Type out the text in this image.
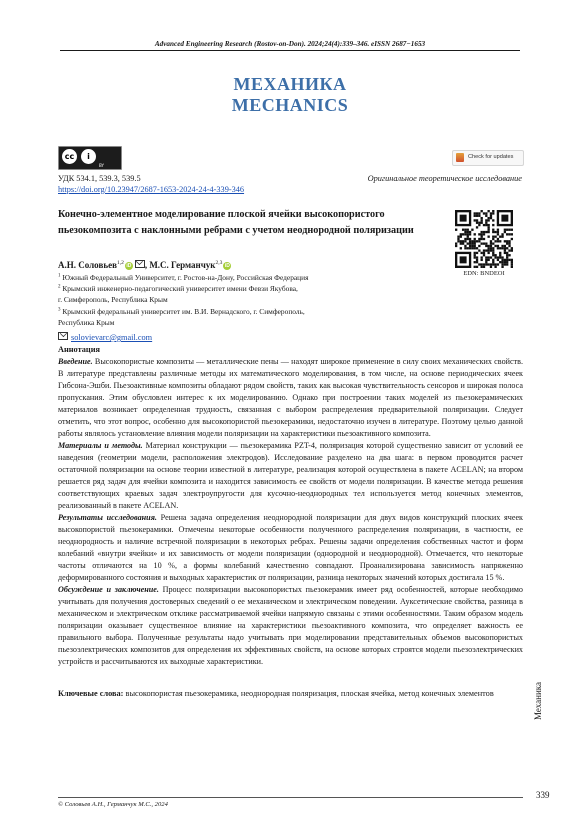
Advanced Engineering Research (Rostov-on-Don). 2024;24(4):339–346. eISSN 2687−1653
МЕХАНИКА
MECHANICS
cc	i
BY
Check for updates
УДК 534.1, 539.3, 539.5	Оригинальное теоретическое исследование
https://doi.org/10.23947/2687-1653-2024-24-4-339-346
Конечно-элементное моделирование плоской ячейки высокопористого пьезокомпозита с наклонными ребрами с учетом неоднородной поляризации
EDN: BNDEOI
А.Н. Соловьев$^{1,2}$ iD , М.С. Германчук$^{2,3}$ iD
$^1$ Южный Федеральный Университет, г. Ростов-на-Дону, Российская Федерация
$^2$ Крымский инженерно-педагогический университет имени Февзи Якубова,
г. Симферополь, Республика Крым
$^3$ Крымский федеральный университет им. В.И. Вернадского, г. Симферополь,
Республика Крым
solovievarc@gmail.com
Аннотация

Введение. Высокопористые композиты — металлические пены — находят широкое применение в силу своих механических свойств. В литературе представлены различные методы их математического моделирования, в том числе, на основе периодических ячеек Гибсона-Эшби. Пьезоактивные композиты обладают рядом свойств, таких как высокая чувствительность сенсоров и широкая полоса пропускания. Этим обусловлен интерес к их моделированию. Однако при построении таких моделей из пьезокерамических материалов возникает определенная трудность, связанная с выбором распределения предварительной поляризации. Следует отметить, что этот вопрос, особенно для высокопористой пьезокерамики, недостаточно изучен в литературе. Поэтому целью данной работы являлось установление влияния модели поляризации на характеристики пьезоактивного композита.

Материалы и методы. Материал конструкции — пьезокерамика PZT-4, поляризация которой существенно зависит от условий ее наведения (геометрии модели, расположения электродов). Исследование разделено на два шага: в первом проводится расчет остаточной поляризации на основе теории известной в литературе, реализация которой осуществлена в пакете ACELAN; на втором решается ряд задач для ячейки композита и находится зависимость ее свойств от модели поляризации. В качестве метода решения соответствующих краевых задач электроупругости для кусочно-неоднородных тел используется метод конечных элементов, реализованный в пакете ACELAN.

Результаты исследования. Решена задача определения неоднородной поляризации для двух видов конструкций плоских ячеек высокопористой пьезокерамики. Отмечены некоторые особенности полученного распределения поляризации, в частности, ее неоднородность и наличие встречной поляризации в некоторых ребрах. Решены задачи определения собственных частот и форм колебаний «внутри ячейки» и их зависимость от модели поляризации (однородной и неоднородной). Отмечается, что некоторые частоты отличаются на 10 %, а формы колебаний качественно совпадают. Проанализирована зависимость напряженно деформированного состояния и выходных характеристик от поляризации, разница некоторых значений которых достигала 15 %.

Обсуждение и заключение. Процесс поляризации высокопористых пьезокерамик имеет ряд особенностей, которые необходимо учитывать для получения достоверных сведений о ее механическом и электрическом поведении. Ауксетические свойства, разница в механическом и электрическом отклике рассматриваемой ячейки напрямую связаны с этими особенностями. Таким образом модель поляризации оказывает существенное влияние на характеристики пьезоактивного композита, что определяет важность ее правильного выбора. Полученные результаты надо учитывать при моделировании представительных объемов высокопористых пьезоэлектрических композитов для определения их эффективных свойств, на основе которых строятся модели пьезоэлектрических устройств и рассчитываются их выходные характеристики.

Ключевые слова: высокопористая пьезокерамика, неоднородная поляризация, плоская ячейка, метод конечных элементов
© Соловьев А.Н., Германчук М.С., 2024
Механика
339
